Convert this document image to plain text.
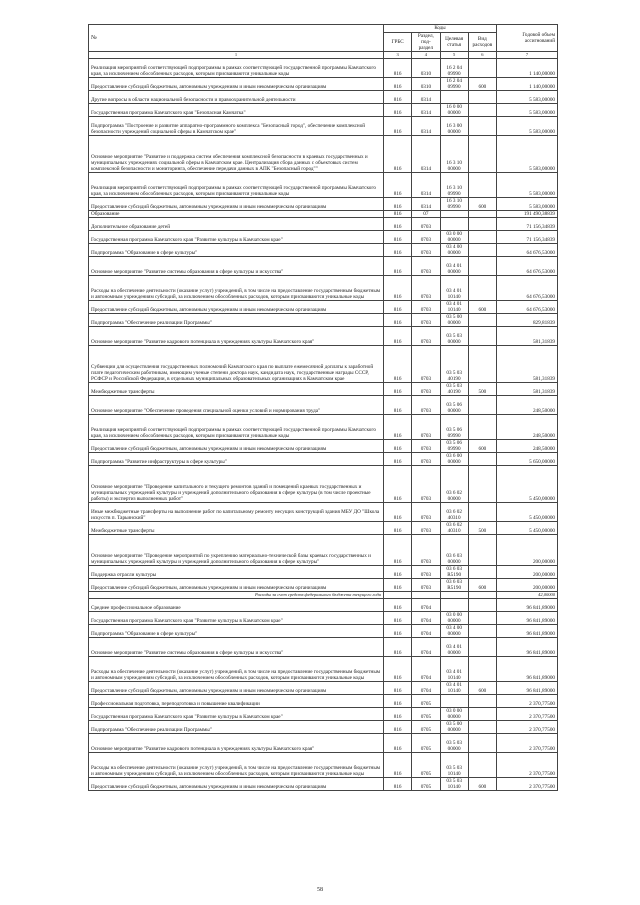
№	Коды				Годовой объем ассигнований
	ГРБС	Раздел, под-раздел	Целевая статья	Вид расходов	
1	3	4	5	6	7
Реализация мероприятий соответствующей подпрограммы в рамках соответствующей государственной программы Камчатского края, за исключением обособленных расходов, которым присваиваются уникальные коды	816	0310	16 2 04 09990		1 140,00000
Предоставление субсидий бюджетным, автономным учреждениям и иным некоммерческим организациям	816	0310	16 2 04 09990	600	1 140,00000
Другие вопросы в области национальной безопасности и правоохранительной деятельности	816	0314			5 583,00000
Государственная программа Камчатского края "Безопасная Камчатка"	816	0314	16 0 00 00000		5 583,00000
Подпрограмма "Построение и развитие аппаратно-программного комплекса "Безопасный город", обеспечение комплексной безопасности учреждений социальной сферы в Камчатском крае"	816	0314	16 3 00 00000		5 583,00000
Основное мероприятие "Развитие и поддержка систем обеспечения комплексной безопасности в краевых государственных и муниципальных учреждениях социальной сферы в Камчатском крае. Централизация сбора данных с объектовых систем комплексной безопасности и мониторинга, обеспечение передачи данных в АПК "Безопасный город""	816	0314	16 3 10 00000		5 583,00000
Реализация мероприятий соответствующей подпрограммы в рамках соответствующей государственной программы Камчатского края, за исключением обособленных расходов, которым присваиваются уникальные коды	816	0314	16 3 10 09990		5 583,00000
Предоставление субсидий бюджетным, автономным учреждениям и иным некоммерческим организациям	816	0314	16 3 10 09990	600	5 583,00000
Образование	816	07			191 490,38839
Дополнительное образование детей	816	0703			71 156,34839
Государственная программа Камчатского края "Развитие культуры в Камчатском крае"	816	0703	03 0 00 00000		71 156,34839
Подпрограмма "Образование в сфере культуры"	816	0703	03 4 00 00000		64 676,53000
Основное мероприятие "Развитие системы образования в сфере культуры и искусства"	816	0703	03 4 01 00000		64 676,53000
Расходы на обеспечение деятельности (оказание услуг) учреждений, в том числе на предоставление государственным бюджетным и автономным учреждениям субсидий, за исключением обособленных расходов, которым присваиваются уникальные коды	816	0703	03 4 01 10140		64 676,53000
Предоставление субсидий бюджетным, автономным учреждениям и иным некоммерческим организациям	816	0703	03 4 01 10140	600	64 676,53000
Подпрограмма "Обеспечение реализации Программы"	816	0703	03 5 00 00000		829,81839
Основное мероприятие "Развитие кадрового потенциала в учреждениях культуры Камчатского края"	816	0703	03 5 03 00000		581,31839
Субвенции для осуществления государственных полномочий Камчатского края по выплате ежемесячной доплаты к заработной плате педагогическим работникам, имеющим ученые степени доктора наук, кандидата наук, государственные награды СССР, РСФСР и Российской Федерации, в отдельных муниципальных образовательных организациях в Камчатском крае	816	0703	03 5 03 40190		581,31839
Межбюджетные трансферты	816	0703	03 5 03 40190	500	581,31839
Основное мероприятие "Обеспечение проведения специальной оценки условий и нормирования труда"	816	0703	03 5 06 00000		248,50000
Реализация мероприятий соответствующей подпрограммы в рамках соответствующей государственной программы Камчатского края, за исключением обособленных расходов, которым присваиваются уникальные коды	816	0703	03 5 06 09990		248,50000
Предоставление субсидий бюджетным, автономным учреждениям и иным некоммерческим организациям	816	0703	03 5 06 09990	600	248,50000
Подпрограмма "Развитие инфраструктуры в сфере культуры"	816	0703	03 6 00 00000		5 650,00000
Основное мероприятие "Проведение капитального и текущего ремонтов зданий и помещений краевых государственных и муниципальных учреждений культуры и учреждений дополнительного образования в сфере культуры (в том числе проектные работы) и экспертиз выполненных работ"	816	0703	03 6 02 00000		5 450,00000
Иные межбюджетные трансферты на выполнение работ по капитальному ремонту несущих конструкций здания МБУ ДО "Школа искусств п. Тарьинский"	816	0703	03 6 02 40310		5 450,00000
Межбюджетные трансферты	816	0703	03 6 02 40310	500	5 450,00000
Основное мероприятие "Проведение мероприятий по укреплению материально-технической базы краевых государственных и муниципальных учреждений культуры и учреждений дополнительного образования в сфере культуры"	816	0703	03 6 03 00000		200,00000
Поддержка отрасли культуры	816	0703	03 6 03 R5190		200,00000
Предоставление субсидий бюджетным, автономным учреждениям и иным некоммерческим организациям	816	0703	03 6 03 R5190	600	200,00000
Расходы за счет средств федерального бюджета текущего года					42,00000
Среднее профессиональное образование	816	0704			96 841,89000
Государственная программа Камчатского края "Развитие культуры в Камчатском крае"	816	0704	03 0 00 00000		96 841,89000
Подпрограмма "Образование в сфере культуры"	816	0704	03 4 00 00000		96 841,89000
Основное мероприятие "Развитие системы образования в сфере культуры и искусства"	816	0704	03 4 01 00000		96 841,89000
Расходы на обеспечение деятельности (оказание услуг) учреждений, в том числе на предоставление государственным бюджетным и автономным учреждениям субсидий, за исключением обособленных расходов, которым присваиваются уникальные коды	816	0704	03 4 01 10140		96 841,89000
Предоставление субсидий бюджетным, автономным учреждениям и иным некоммерческим организациям	816	0704	03 4 01 10140	600	96 841,89000
Профессиональная подготовка, переподготовка и повышение квалификации	816	0705			2 370,77500
Государственная программа Камчатского края "Развитие культуры в Камчатском крае"	816	0705	03 0 00 00000		2 370,77500
Подпрограмма "Обеспечение реализации Программы"	816	0705	03 5 00 00000		2 370,77500
Основное мероприятие "Развитие кадрового потенциала в учреждениях культуры Камчатского края"	816	0705	03 5 03 00000		2 370,77500
Расходы на обеспечение деятельности (оказание услуг) учреждений, в том числе на предоставление государственным бюджетным и автономным учреждениям субсидий, за исключением обособленных расходов, которым присваиваются уникальные коды	816	0705	03 5 03 10140		2 370,77500
Предоставление субсидий бюджетным, автономным учреждениям и иным некоммерческим организациям	816	0705	03 5 03 10140	600	2 370,77500
58
